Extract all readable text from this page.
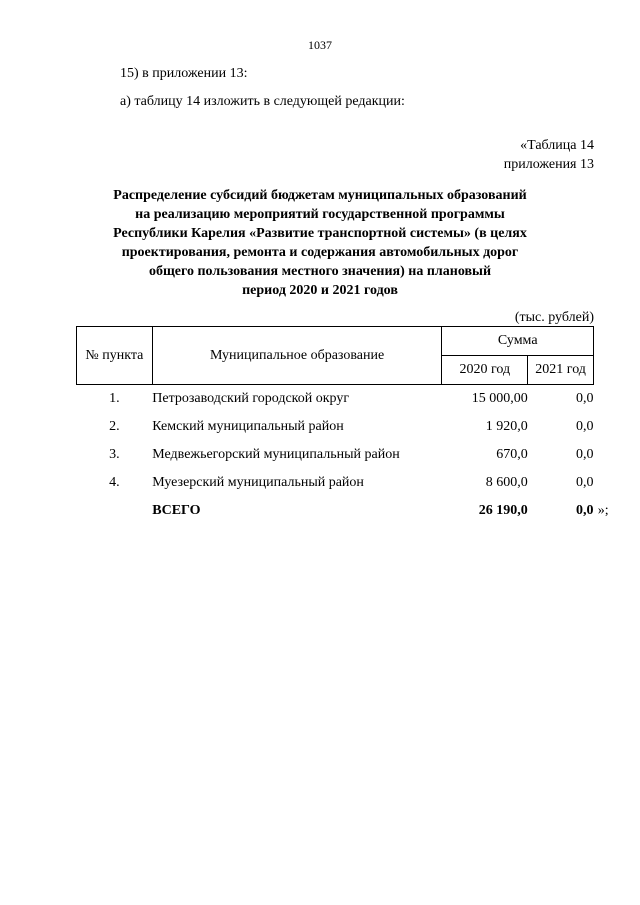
1037
15) в приложении 13:
а) таблицу 14 изложить в следующей редакции:
«Таблица 14
приложения 13
Распределение субсидий бюджетам муниципальных образований
на реализацию мероприятий государственной программы
Республики Карелия «Развитие транспортной системы» (в целях
проектирования, ремонта и содержания автомобильных дорог
общего пользования местного значения) на плановый
период 2020 и 2021 годов
(тыс. рублей)
№ пункта	Муниципальное образование	Сумма	
		2020 год	2021 год
1.	Петрозаводский городской округ	15 000,00	0,0
2.	Кемский муниципальный район	1 920,0	0,0
3.	Медвежьегорский муниципальный район	670,0	0,0
4.	Муезерский муниципальный район	8 600,0	0,0
	ВСЕГО	26 190,0	0,0 »;
